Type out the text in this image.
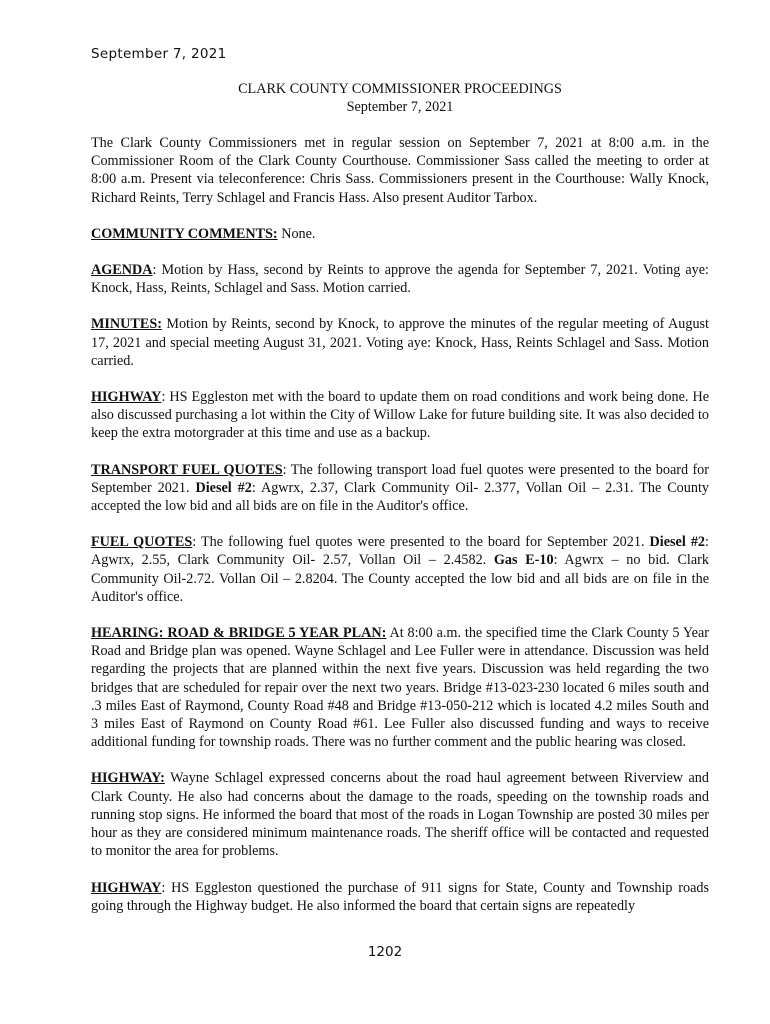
September 7, 2021
CLARK COUNTY COMMISSIONER PROCEEDINGS
September 7, 2021

The Clark County Commissioners met in regular session on September 7, 2021 at 8:00 a.m. in the Commissioner Room of the Clark County Courthouse. Commissioner Sass called the meeting to order at 8:00 a.m. Present via teleconference: Chris Sass. Commissioners present in the Courthouse: Wally Knock, Richard Reints, Terry Schlagel and Francis Hass. Also present Auditor Tarbox.

COMMUNITY COMMENTS: None.

AGENDA: Motion by Hass, second by Reints to approve the agenda for September 7, 2021. Voting aye: Knock, Hass, Reints, Schlagel and Sass. Motion carried.

MINUTES: Motion by Reints, second by Knock, to approve the minutes of the regular meeting of August 17, 2021 and special meeting August 31, 2021. Voting aye: Knock, Hass, Reints Schlagel and Sass. Motion carried.

HIGHWAY: HS Eggleston met with the board to update them on road conditions and work being done. He also discussed purchasing a lot within the City of Willow Lake for future building site. It was also decided to keep the extra motorgrader at this time and use as a backup.

TRANSPORT FUEL QUOTES: The following transport load fuel quotes were presented to the board for September 2021. Diesel #2: Agwrx, 2.37, Clark Community Oil- 2.377, Vollan Oil – 2.31. The County accepted the low bid and all bids are on file in the Auditor's office.

FUEL QUOTES: The following fuel quotes were presented to the board for September 2021. Diesel #2: Agwrx, 2.55, Clark Community Oil- 2.57, Vollan Oil – 2.4582. Gas E-10: Agwrx – no bid. Clark Community Oil-2.72. Vollan Oil – 2.8204. The County accepted the low bid and all bids are on file in the Auditor's office.

HEARING: ROAD & BRIDGE 5 YEAR PLAN: At 8:00 a.m. the specified time the Clark County 5 Year Road and Bridge plan was opened. Wayne Schlagel and Lee Fuller were in attendance. Discussion was held regarding the projects that are planned within the next five years. Discussion was held regarding the two bridges that are scheduled for repair over the next two years. Bridge #13-023-230 located 6 miles south and .3 miles East of Raymond, County Road #48 and Bridge #13-050-212 which is located 4.2 miles South and 3 miles East of Raymond on County Road #61. Lee Fuller also discussed funding and ways to receive additional funding for township roads. There was no further comment and the public hearing was closed.

HIGHWAY: Wayne Schlagel expressed concerns about the road haul agreement between Riverview and Clark County. He also had concerns about the damage to the roads, speeding on the township roads and running stop signs. He informed the board that most of the roads in Logan Township are posted 30 miles per hour as they are considered minimum maintenance roads. The sheriff office will be contacted and requested to monitor the area for problems.

HIGHWAY: HS Eggleston questioned the purchase of 911 signs for State, County and Township roads going through the Highway budget. He also informed the board that certain signs are repeatedly

1202
